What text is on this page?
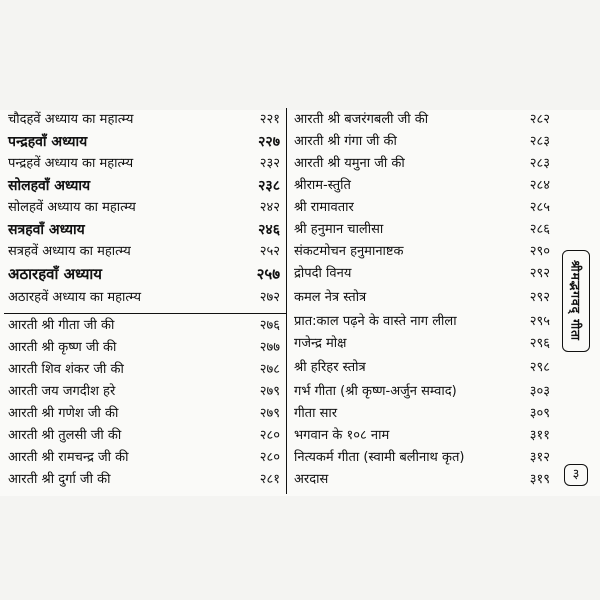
चौदहवें अध्याय का महात्म्य	२२१
पन्द्रहवाँ अध्याय	२२७
पन्द्रहवें अध्याय का महात्म्य	२३२
सोलहवाँ अध्याय	२३८
सोलहवें अध्याय का महात्म्य	२४२
सत्रहवाँ अध्याय	२४६
सत्रहवें अध्याय का महात्म्य	२५२
अठारहवाँ अध्याय	२५७
अठारहवें अध्याय का महात्म्य	२७२
आरती श्री गीता जी की	२७६
आरती श्री कृष्ण जी की	२७७
आरती शिव शंकर जी की	२७८
आरती जय जगदीश हरे	२७९
आरती श्री गणेश जी की	२७९
आरती श्री तुलसी जी की	२८०
आरती श्री रामचन्द्र जी की	२८०
आरती श्री दुर्गा जी की	२८१
आरती श्री बजरंगबली जी की	२८२
आरती श्री गंगा जी की	२८३
आरती श्री यमुना जी की	२८३
श्रीराम-स्तुति	२८४
श्री रामावतार	२८५
श्री हनुमान चालीसा	२८६
संकटमोचन हनुमानाष्टक	२९०
द्रोपदी विनय	२९२
कमल नेत्र स्तोत्र	२९२
प्रात:काल पढ़ने के वास्ते नाग लीला	२९५
गजेन्द्र मोक्ष	२९६
श्री हरिहर स्तोत्र	२९८
गर्भ गीता (श्री कृष्ण-अर्जुन सम्वाद)	३०३
गीता सार	३०९
भगवान के १०८ नाम	३११
नित्यकर्म गीता (स्वामी बलीनाथ कृत)	३१२
अरदास	३१९
श्रीमद्भगवद् गीता
३
